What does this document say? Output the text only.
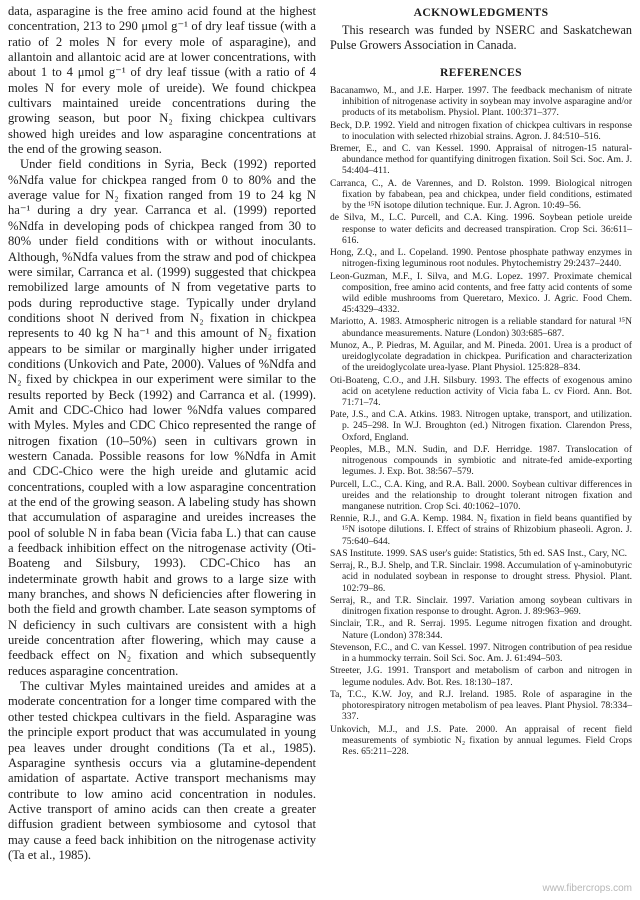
data, asparagine is the free amino acid found at the highest concentration, 213 to 290 μmol g⁻¹ of dry leaf tissue (with a ratio of 2 moles N for every mole of asparagine), and allantoin and allantoic acid are at lower concentrations, with about 1 to 4 μmol g⁻¹ of dry leaf tissue (with a ratio of 4 moles N for every mole of ureide). We found chickpea cultivars maintained ureide concentrations during the growing season, but poor N₂ fixing chickpea cultivars showed high ureides and low asparagine concentrations at the end of the growing season.

Under field conditions in Syria, Beck (1992) reported %Ndfa value for chickpea ranged from 0 to 80% and the average value for N₂ fixation ranged from 19 to 24 kg N ha⁻¹ during a dry year. Carranca et al. (1999) reported %Ndfa in developing pods of chickpea ranged from 30 to 80% under field conditions with or without inoculants. Although, %Ndfa values from the straw and pod of chickpea were similar, Carranca et al. (1999) suggested that chickpea remobilized large amounts of N from vegetative parts to pods during reproductive stage. Typically under dryland conditions shoot N derived from N₂ fixation in chickpea represents to 40 kg N ha⁻¹ and this amount of N₂ fixation appears to be similar or marginally higher under irrigated conditions (Unkovich and Pate, 2000). Values of %Ndfa and N₂ fixed by chickpea in our experiment were similar to the results reported by Beck (1992) and Carranca et al. (1999). Amit and CDC-Chico had lower %Ndfa values compared with Myles. Myles and CDC Chico represented the range of nitrogen fixation (10–50%) seen in cultivars grown in western Canada. Possible reasons for low %Ndfa in Amit and CDC-Chico were the high ureide and glutamic acid concentrations, coupled with a low asparagine concentration at the end of the growing season. A labeling study has shown that accumulation of asparagine and ureides increases the pool of soluble N in faba bean (Vicia faba L.) that can cause a feedback inhibition effect on the nitrogenase activity (Oti-Boateng and Silsbury, 1993). CDC-Chico has an indeterminate growth habit and grows to a large size with many branches, and shows N deficiencies after flowering in both the field and growth chamber. Late season symptoms of N deficiency in such cultivars are consistent with a high ureide concentration after flowering, which may cause a feedback effect on N₂ fixation and which subsequently reduces asparagine concentration.

The cultivar Myles maintained ureides and amides at a moderate concentration for a longer time compared with the other tested chickpea cultivars in the field. Asparagine was the principle export product that was accumulated in young pea leaves under drought conditions (Ta et al., 1985). Asparagine synthesis occurs via a glutamine-dependent amidation of aspartate. Active transport mechanisms may contribute to low amino acid concentration in nodules. Active transport of amino acids can then create a greater diffusion gradient between symbiosome and cytosol that may cause a feed back inhibition on the nitrogenase activity (Ta et al., 1985).

ACKNOWLEDGMENTS

This research was funded by NSERC and Saskatchewan Pulse Growers Association in Canada.

REFERENCES
Bacanamwo, M., and J.E. Harper. 1997. The feedback mechanism of nitrate inhibition of nitrogenase activity in soybean may involve asparagine and/or products of its metabolism. Physiol. Plant. 100:371–377.
Beck, D.P. 1992. Yield and nitrogen fixation of chickpea cultivars in response to inoculation with selected rhizobial strains. Agron. J. 84:510–516.
Bremer, E., and C. van Kessel. 1990. Appraisal of nitrogen-15 natural-abundance method for quantifying dinitrogen fixation. Soil Sci. Soc. Am. J. 54:404–411.
Carranca, C., A. de Varennes, and D. Rolston. 1999. Biological nitrogen fixation by fababean, pea and chickpea, under field conditions, estimated by the ¹⁵N isotope dilution technique. Eur. J. Agron. 10:49–56.
de Silva, M., L.C. Purcell, and C.A. King. 1996. Soybean petiole ureide response to water deficits and decreased transpiration. Crop Sci. 36:611–616.
Hong, Z.Q., and L. Copeland. 1990. Pentose phosphate pathway enzymes in nitrogen-fixing leguminous root nodules. Phytochemistry 29:2437–2440.
Leon-Guzman, M.F., I. Silva, and M.G. Lopez. 1997. Proximate chemical composition, free amino acid contents, and free fatty acid contents of some wild edible mushrooms from Queretaro, Mexico. J. Agric. Food Chem. 45:4329–4332.
Mariotto, A. 1983. Atmospheric nitrogen is a reliable standard for natural ¹⁵N abundance measurements. Nature (London) 303:685–687.
Munoz, A., P. Piedras, M. Aguilar, and M. Pineda. 2001. Urea is a product of ureidoglycolate degradation in chickpea. Purification and characterization of the ureidoglycolate urea-lyase. Plant Physiol. 125:828–834.
Oti-Boateng, C.O., and J.H. Silsbury. 1993. The effects of exogenous amino acid on acetylene reduction activity of Vicia faba L. cv Fiord. Ann. Bot. 71:71–74.
Pate, J.S., and C.A. Atkins. 1983. Nitrogen uptake, transport, and utilization. p. 245–298. In W.J. Broughton (ed.) Nitrogen fixation. Clarendon Press, Oxford, England.
Peoples, M.B., M.N. Sudin, and D.F. Herridge. 1987. Translocation of nitrogenous compounds in symbiotic and nitrate-fed amide-exporting legumes. J. Exp. Bot. 38:567–579.
Purcell, L.C., C.A. King, and R.A. Ball. 2000. Soybean cultivar differences in ureides and the relationship to drought tolerant nitrogen fixation and manganese nutrition. Crop Sci. 40:1062–1070.
Rennie, R.J., and G.A. Kemp. 1984. N₂ fixation in field beans quantified by ¹⁵N isotope dilutions. I. Effect of strains of Rhizobium phaseoli. Agron. J. 75:640–644.
SAS Institute. 1999. SAS user's guide: Statistics, 5th ed. SAS Inst., Cary, NC.
Serraj, R., B.J. Shelp, and T.R. Sinclair. 1998. Accumulation of γ-aminobutyric acid in nodulated soybean in response to drought stress. Physiol. Plant. 102:79–86.
Serraj, R., and T.R. Sinclair. 1997. Variation among soybean cultivars in dinitrogen fixation response to drought. Agron. J. 89:963–969.
Sinclair, T.R., and R. Serraj. 1995. Legume nitrogen fixation and drought. Nature (London) 378:344.
Stevenson, F.C., and C. van Kessel. 1997. Nitrogen contribution of pea residue in a hummocky terrain. Soil Sci. Soc. Am. J. 61:494–503.
Streeter, J.G. 1991. Transport and metabolism of carbon and nitrogen in legume nodules. Adv. Bot. Res. 18:130–187.
Ta, T.C., K.W. Joy, and R.J. Ireland. 1985. Role of asparagine in the photorespiratory nitrogen metabolism of pea leaves. Plant Physiol. 78:334–337.
Unkovich, M.J., and J.S. Pate. 2000. An appraisal of recent field measurements of symbiotic N₂ fixation by annual legumes. Field Crops Res. 65:211–228.
www.fibercrops.com
